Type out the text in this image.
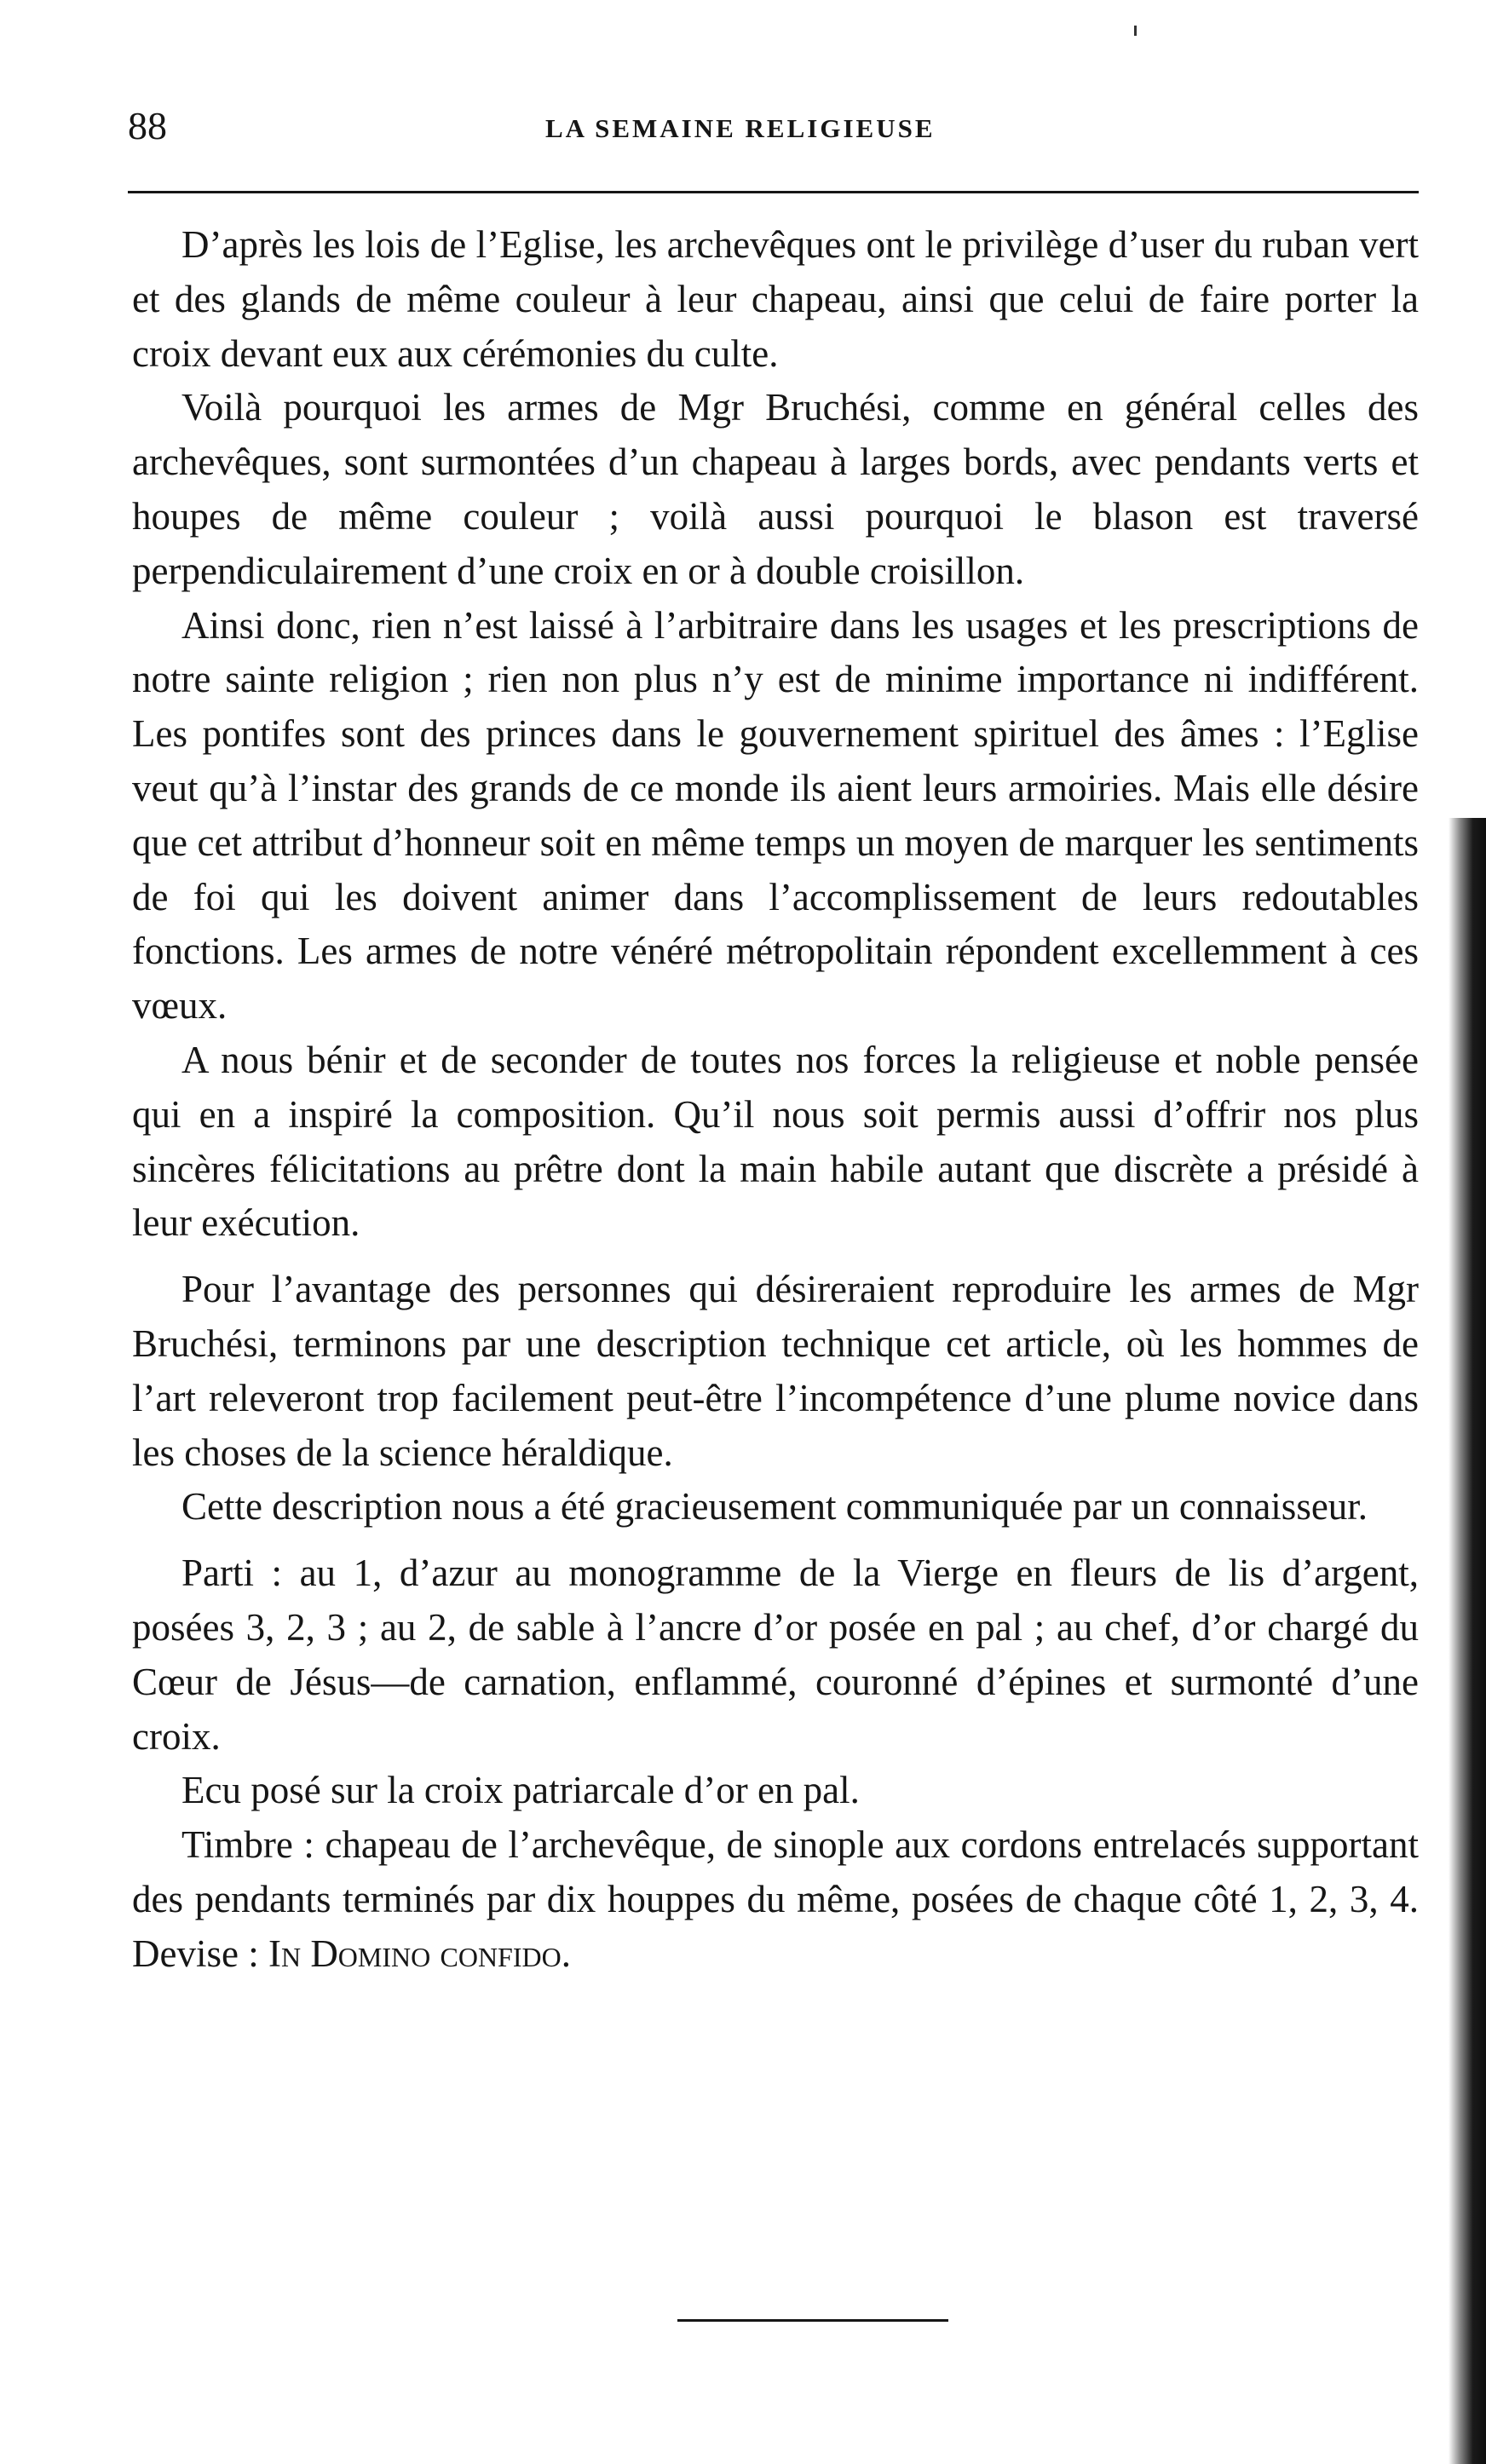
88	LA SEMAINE RELIGIEUSE

D’après les lois de l’Eglise, les archevêques ont le privilège d’user du ruban vert et des glands de même couleur à leur chapeau, ainsi que celui de faire porter la croix devant eux aux cérémonies du culte.

Voilà pourquoi les armes de Mgr Bruchési, comme en général celles des archevêques, sont surmontées d’un chapeau à larges bords, avec pendants verts et houpes de même couleur ; voilà aussi pourquoi le blason est traversé perpendiculairement d’une croix en or à double croisillon.

Ainsi donc, rien n’est laissé à l’arbitraire dans les usages et les prescriptions de notre sainte religion ; rien non plus n’y est de minime importance ni indifférent. Les pontifes sont des princes dans le gouvernement spirituel des âmes : l’Eglise veut qu’à l’instar des grands de ce monde ils aient leurs armoiries. Mais elle désire que cet attribut d’honneur soit en même temps un moyen de marquer les sentiments de foi qui les doivent animer dans l’accomplissement de leurs redoutables fonctions. Les armes de notre vénéré métropolitain répondent excellemment à ces vœux.

A nous bénir et de seconder de toutes nos forces la religieuse et noble pensée qui en a inspiré la composition. Qu’il nous soit permis aussi d’offrir nos plus sincères félicitations au prêtre dont la main habile autant que discrète a présidé à leur exécution.

Pour l’avantage des personnes qui désireraient reproduire les armes de Mgr Bruchési, terminons par une description technique cet article, où les hommes de l’art releveront trop facilement peut-être l’incompétence d’une plume novice dans les choses de la science héraldique.

Cette description nous a été gracieusement communiquée par un connaisseur.

Parti : au 1, d’azur au monogramme de la Vierge en fleurs de lis d’argent, posées 3, 2, 3 ; au 2, de sable à l’ancre d’or posée en pal ; au chef, d’or chargé du Cœur de Jésus—de carnation, enflammé, couronné d’épines et surmonté d’une croix.

Ecu posé sur la croix patriarcale d’or en pal.

Timbre : chapeau de l’archevêque, de sinople aux cordons entrelacés supportant des pendants terminés par dix houppes du même, posées de chaque côté 1, 2, 3, 4. Devise : In Domino confido.
